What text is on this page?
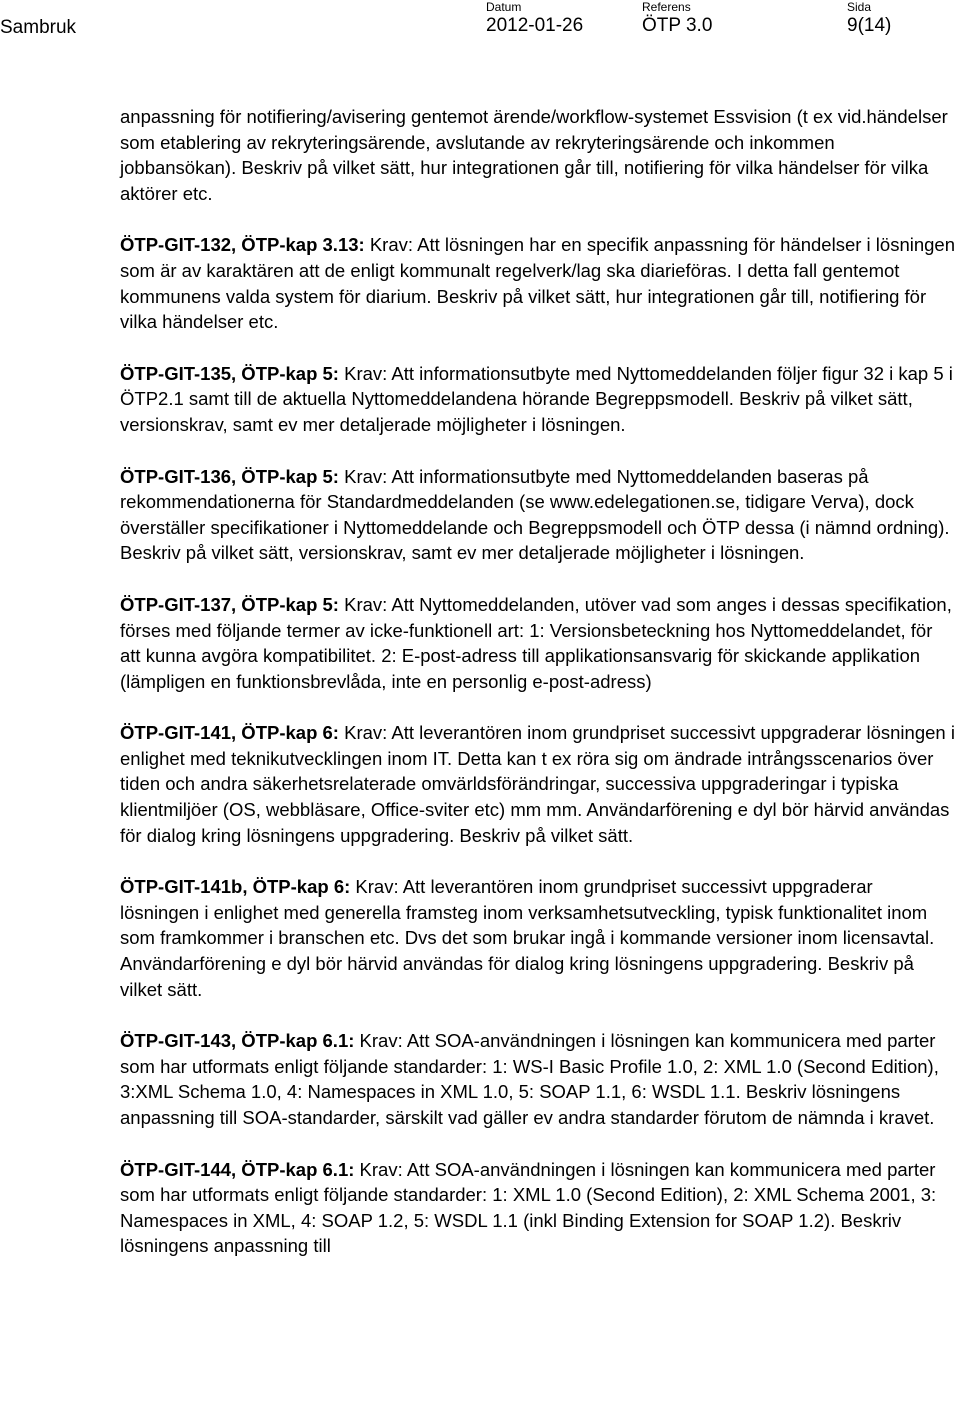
Sambruk
Datum
2012-01-26
Referens
ÖTP 3.0
Sida
9(14)

anpassning för notifiering/avisering gentemot ärende/workflow-systemet Essvision (t ex vid.händelser som etablering av rekryteringsärende, avslutande av rekryteringsärende och inkommen jobbansökan). Beskriv på vilket sätt, hur integrationen går till, notifiering för vilka händelser för vilka aktörer etc.

ÖTP-GIT-132, ÖTP-kap 3.13: Krav: Att lösningen har en specifik anpassning för händelser i lösningen som är av karaktären att de enligt kommunalt regelverk/lag ska diarieföras. I detta fall gentemot kommunens valda system för diarium. Beskriv på vilket sätt, hur integrationen går till, notifiering för vilka händelser etc.

ÖTP-GIT-135, ÖTP-kap 5: Krav: Att informationsutbyte med Nyttomeddelanden följer figur 32 i kap 5 i ÖTP2.1 samt till de aktuella Nyttomeddelandena hörande Begreppsmodell. Beskriv på vilket sätt, versionskrav, samt ev mer detaljerade möjligheter i lösningen.

ÖTP-GIT-136, ÖTP-kap 5: Krav: Att informationsutbyte med Nyttomeddelanden baseras på rekommendationerna för Standardmeddelanden (se www.edelegationen.se, tidigare Verva), dock överställer specifikationer i Nyttomeddelande och Begreppsmodell och ÖTP dessa (i nämnd ordning). Beskriv på vilket sätt, versionskrav, samt ev mer detaljerade möjligheter i lösningen.

ÖTP-GIT-137, ÖTP-kap 5: Krav: Att Nyttomeddelanden, utöver vad som anges i dessas specifikation, förses med följande termer av icke-funktionell art: 1: Versionsbeteckning hos Nyttomeddelandet, för att kunna avgöra kompatibilitet. 2: E-post-adress till applikationsansvarig för skickande applikation (lämpligen en funktionsbrevlåda, inte en personlig e-post-adress)

ÖTP-GIT-141, ÖTP-kap 6: Krav: Att leverantören inom grundpriset successivt uppgraderar lösningen i enlighet med teknikutvecklingen inom IT. Detta kan t ex röra sig om ändrade intrångsscenarios över tiden och andra säkerhetsrelaterade omvärldsförändringar, successiva uppgraderingar i typiska klientmiljöer (OS, webbläsare, Office-sviter etc) mm mm. Användarförening e dyl bör härvid användas för dialog kring lösningens uppgradering. Beskriv på vilket sätt.

ÖTP-GIT-141b, ÖTP-kap 6: Krav: Att leverantören inom grundpriset successivt uppgraderar lösningen i enlighet med generella framsteg inom verksamhetsutveckling, typisk funktionalitet inom som framkommer i branschen etc. Dvs det som brukar ingå i kommande versioner inom licensavtal. Användarförening e dyl bör härvid användas för dialog kring lösningens uppgradering. Beskriv på vilket sätt.

ÖTP-GIT-143, ÖTP-kap 6.1: Krav: Att SOA-användningen i lösningen kan kommunicera med parter som har utformats enligt följande standarder: 1: WS-I Basic Profile 1.0, 2: XML 1.0 (Second Edition), 3:XML Schema 1.0, 4: Namespaces in XML 1.0, 5: SOAP 1.1, 6: WSDL 1.1. Beskriv lösningens anpassning till SOA-standarder, särskilt vad gäller ev andra standarder förutom de nämnda i kravet.

ÖTP-GIT-144, ÖTP-kap 6.1: Krav: Att SOA-användningen i lösningen kan kommunicera med parter som har utformats enligt följande standarder: 1: XML 1.0 (Second Edition), 2: XML Schema 2001, 3: Namespaces in XML, 4: SOAP 1.2, 5: WSDL 1.1 (inkl Binding Extension for SOAP 1.2). Beskriv lösningens anpassning till
